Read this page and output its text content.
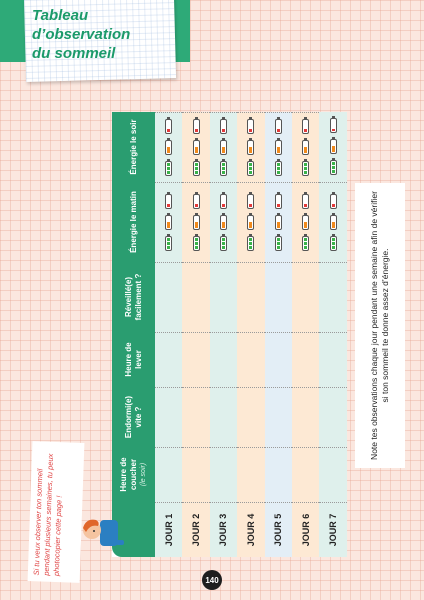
Tableau
d’observation
du sommeil
Heure de coucher (le soir)
Endormi(e) vite ?
Heure de lever
Réveillé(e) facilement ?
Énergie le matin
Énergie le soir
JOUR 1 JOUR 2 JOUR 3 JOUR 4 JOUR 5 JOUR 6 JOUR 7
Note tes observations chaque jour pendant une semaine afin de vérifier si ton sommeil te donne assez d’énergie.
Si tu veux observer ton sommeil pendant plusieurs semaines, tu peux photocopier cette page !
140
